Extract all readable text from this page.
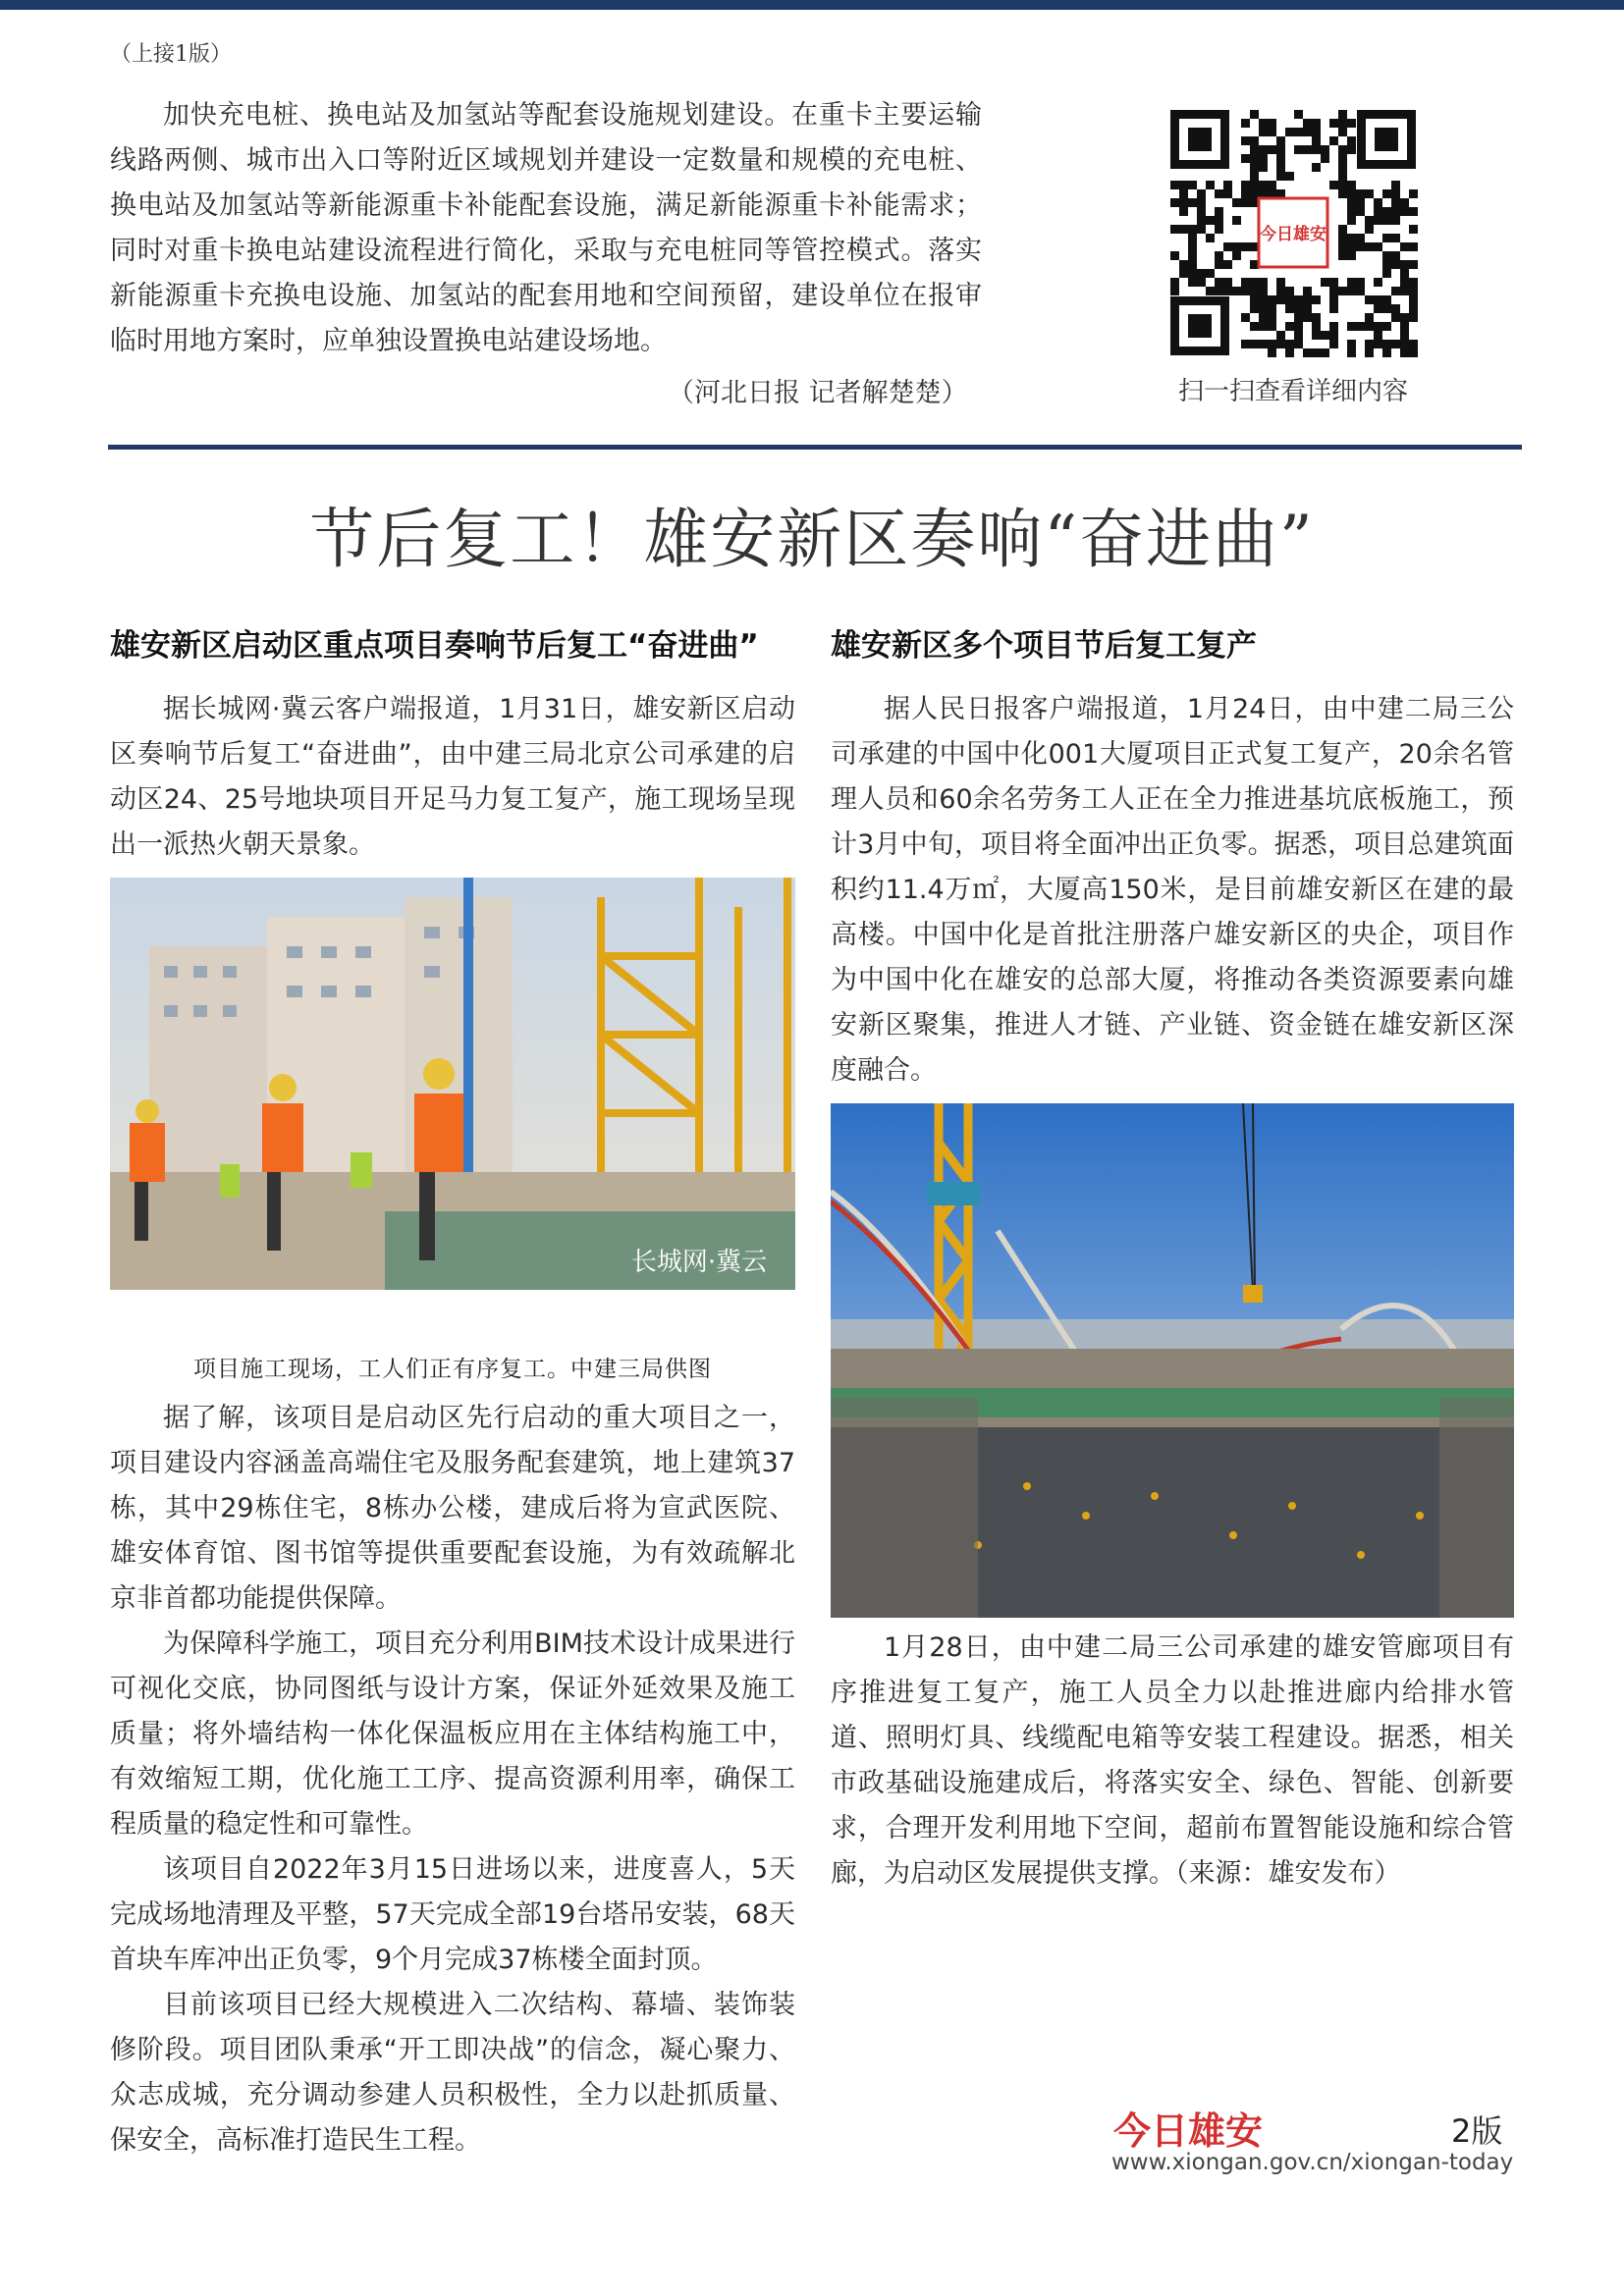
（上接1版）

加快充电桩、换电站及加氢站等配套设施规划建设。在重卡主要运输线路两侧、城市出入口等附近区域规划并建设一定数量和规模的充电桩、换电站及加氢站等新能源重卡补能配套设施，满足新能源重卡补能需求；同时对重卡换电站建设流程进行简化，采取与充电桩同等管控模式。落实新能源重卡充换电设施、加氢站的配套用地和空间预留，建设单位在报审临时用地方案时，应单独设置换电站建设场地。

（河北日报 记者解楚楚）
今日雄安
扫一扫查看详细内容
节后复工！雄安新区奏响“奋进曲”
雄安新区启动区重点项目奏响节后复工“奋进曲” 雄安新区多个项目节后复工复产

据长城网·冀云客户端报道，1月31日，雄安新区启动区奏响节后复工“奋进曲”，由中建三局北京公司承建的启动区24、25号地块项目开足马力复工复产，施工现场呈现出一派热火朝天景象。

长城网·冀云
项目施工现场，工人们正有序复工。中建三局供图

据了解，该项目是启动区先行启动的重大项目之一，项目建设内容涵盖高端住宅及服务配套建筑，地上建筑37栋，其中29栋住宅，8栋办公楼，建成后将为宣武医院、雄安体育馆、图书馆等提供重要配套设施，为有效疏解北京非首都功能提供保障。

为保障科学施工，项目充分利用BIM技术设计成果进行可视化交底，协同图纸与设计方案，保证外延效果及施工质量；将外墙结构一体化保温板应用在主体结构施工中，有效缩短工期，优化施工工序、提高资源利用率，确保工程质量的稳定性和可靠性。

该项目自2022年3月15日进场以来，进度喜人，5天完成场地清理及平整，57天完成全部19台塔吊安装，68天首块车库冲出正负零，9个月完成37栋楼全面封顶。

目前该项目已经大规模进入二次结构、幕墙、装饰装修阶段。项目团队秉承“开工即决战”的信念，凝心聚力、众志成城，充分调动参建人员积极性，全力以赴抓质量、保安全，高标准打造民生工程。

据人民日报客户端报道，1月24日，由中建二局三公司承建的中国中化001大厦项目正式复工复产，20余名管理人员和60余名劳务工人正在全力推进基坑底板施工，预计3月中旬，项目将全面冲出正负零。据悉，项目总建筑面积约11.4万㎡，大厦高150米，是目前雄安新区在建的最高楼。中国中化是首批注册落户雄安新区的央企，项目作为中国中化在雄安的总部大厦，将推动各类资源要素向雄安新区聚集，推进人才链、产业链、资金链在雄安新区深度融合。

1月28日，由中建二局三公司承建的雄安管廊项目有序推进复工复产，施工人员全力以赴推进廊内给排水管道、照明灯具、线缆配电箱等安装工程建设。据悉，相关市政基础设施建成后，将落实安全、绿色、智能、创新要求，合理开发利用地下空间，超前布置智能设施和综合管廊，为启动区发展提供支撑。（来源：雄安发布）

今日雄安	2版
www.xiongan.gov.cn/xiongan-today
